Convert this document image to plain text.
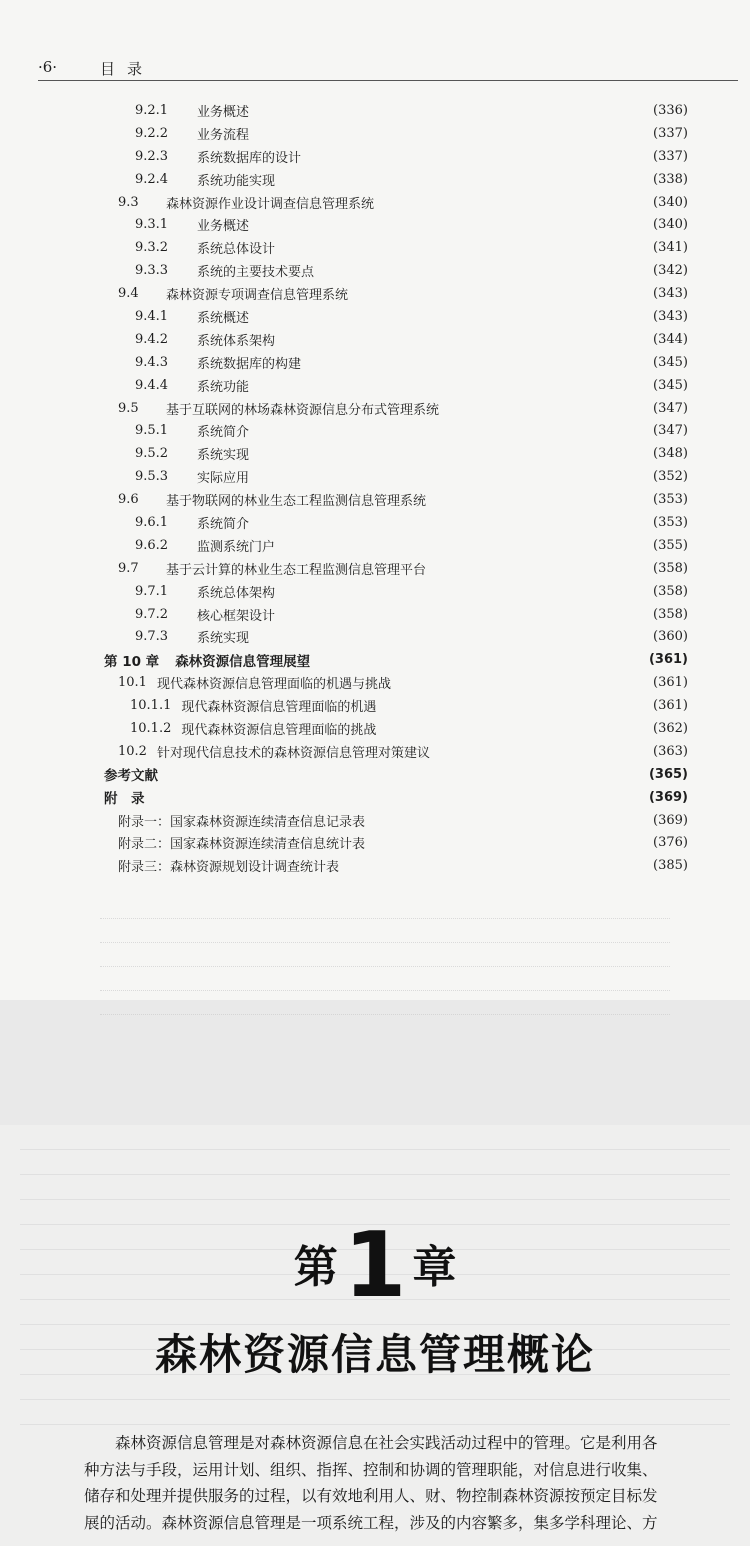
·6·	目录
9.2.1	业务概述	(336)
9.2.2	业务流程	(337)
9.2.3	系统数据库的设计	(337)
9.2.4	系统功能实现	(338)
9.3	森林资源作业设计调查信息管理系统	(340)
9.3.1	业务概述	(340)
9.3.2	系统总体设计	(341)
9.3.3	系统的主要技术要点	(342)
9.4	森林资源专项调查信息管理系统	(343)
9.4.1	系统概述	(343)
9.4.2	系统体系架构	(344)
9.4.3	系统数据库的构建	(345)
9.4.4	系统功能	(345)
9.5	基于互联网的林场森林资源信息分布式管理系统	(347)
9.5.1	系统简介	(347)
9.5.2	系统实现	(348)
9.5.3	实际应用	(352)
9.6	基于物联网的林业生态工程监测信息管理系统	(353)
9.6.1	系统简介	(353)
9.6.2	监测系统门户	(355)
9.7	基于云计算的林业生态工程监测信息管理平台	(358)
9.7.1	系统总体架构	(358)
9.7.2	核心框架设计	(358)
9.7.3	系统实现	(360)
第 10 章 森林资源信息管理展望	(361)
10.1 现代森林资源信息管理面临的机遇与挑战	(361)
10.1.1 现代森林资源信息管理面临的机遇	(361)
10.1.2 现代森林资源信息管理面临的挑战	(362)
10.2 针对现代信息技术的森林资源信息管理对策建议	(363)
参考文献	(365)
附　录	(369)
附录一：国家森林资源连续清查信息记录表	(369)
附录二：国家森林资源连续清查信息统计表	(376)
附录三：森林资源规划设计调查统计表	(385)
第1 章
森林资源信息管理概论

　　森林资源信息管理是对森林资源信息在社会实践活动过程中的管理。它是利用各

种方法与手段，运用计划、组织、指挥、控制和协调的管理职能，对信息进行收集、

储存和处理并提供服务的过程，以有效地利用人、财、物控制森林资源按预定目标发

展的活动。森林资源信息管理是一项系统工程，涉及的内容繁多，集多学科理论、方
